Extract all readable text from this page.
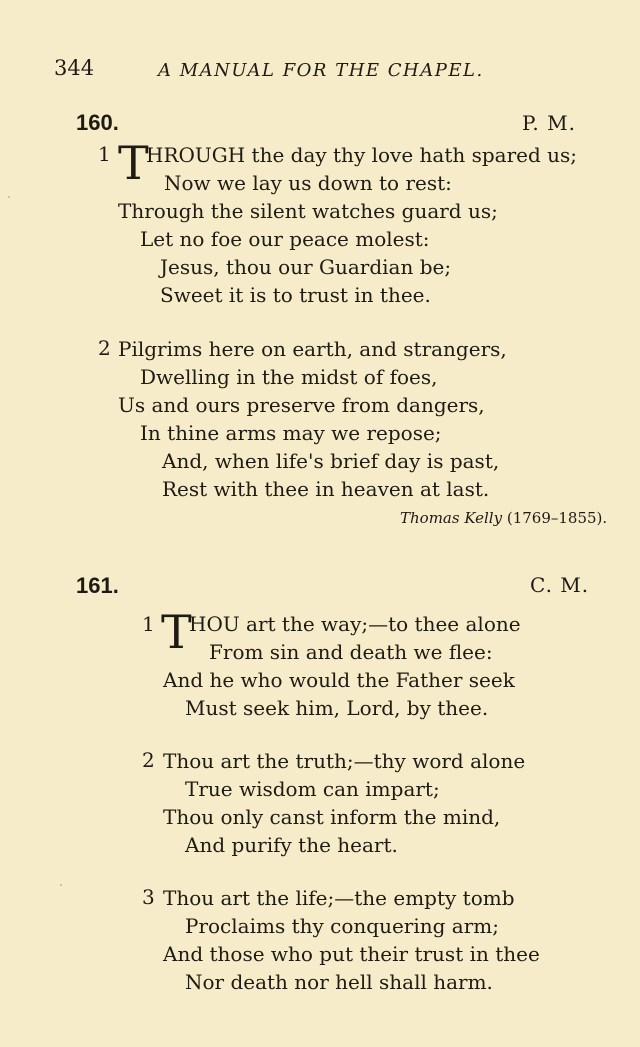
344	A MANUAL FOR THE CHAPEL.
160.	P. M.
1 T
HROUGH the day thy love hath spared us;
Now we lay us down to rest:
Through the silent watches guard us;
Let no foe our peace molest:
Jesus, thou our Guardian be;
Sweet it is to trust in thee.
2 Pilgrims here on earth, and strangers,
Dwelling in the midst of foes,
Us and ours preserve from dangers,
In thine arms may we repose;
And, when life's brief day is past,
Rest with thee in heaven at last.
Thomas Kelly (1769–1855).
161.	C. M.
1 T
HOU art the way;—to thee alone
From sin and death we flee:
And he who would the Father seek
Must seek him, Lord, by thee.
2 Thou art the truth;—thy word alone
True wisdom can impart;
Thou only canst inform the mind,
And purify the heart.
3 Thou art the life;—the empty tomb
Proclaims thy conquering arm;
And those who put their trust in thee
Nor death nor hell shall harm.
